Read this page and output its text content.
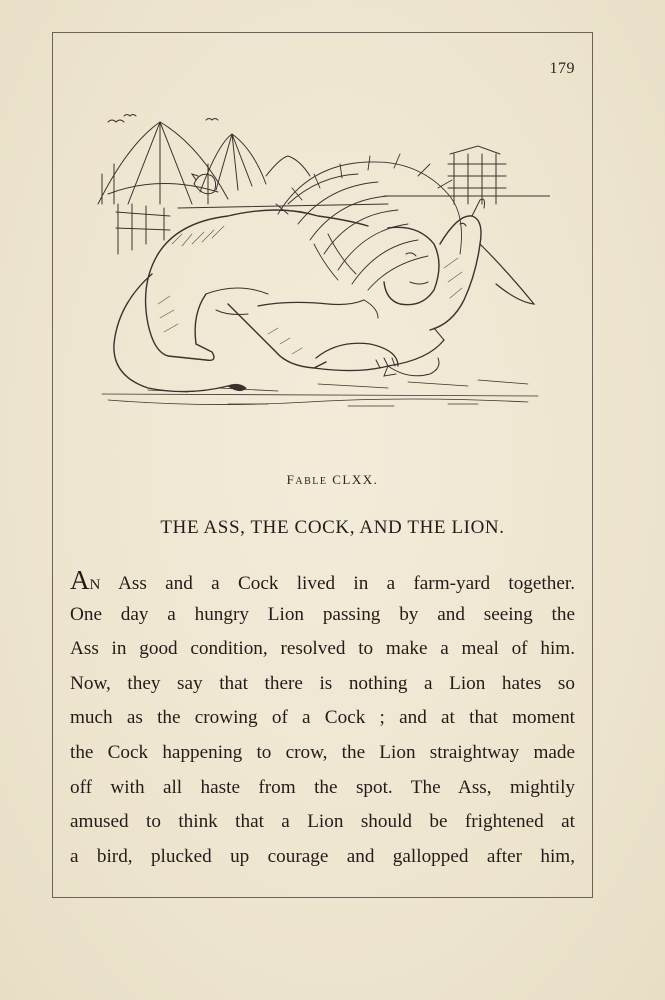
179
FABLE CLXX.
THE ASS, THE COCK, AND THE LION.
AN Ass and a Cock lived in a farm-yard together.
One day a hungry Lion passing by and seeing the
Ass in good condition, resolved to make a meal of him.
Now, they say that there is nothing a Lion hates so
much as the crowing of a Cock ; and at that moment
the Cock happening to crow, the Lion straightway made
off with all haste from the spot. The Ass, mightily
amused to think that a Lion should be frightened at
a bird, plucked up courage and gallopped after him,
